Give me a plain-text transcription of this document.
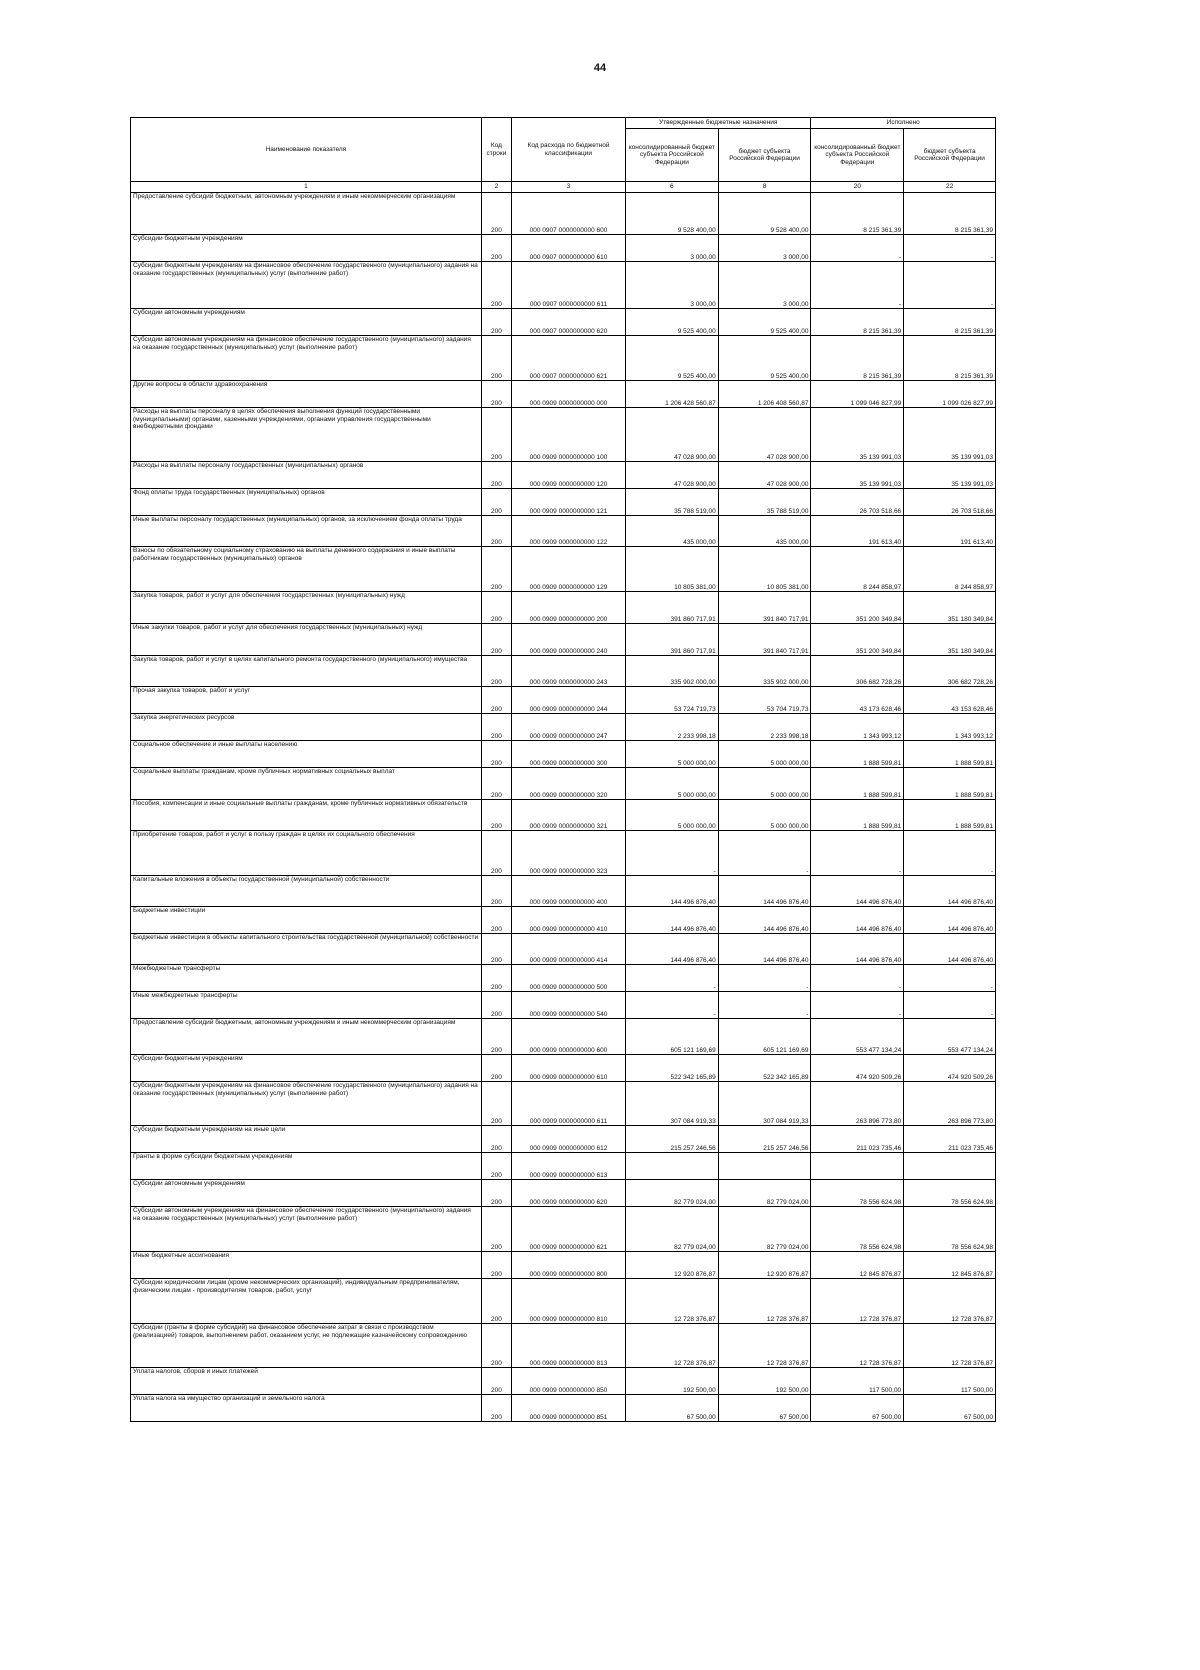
44
Наименование показателя	Код строки	Код расхода по бюджетной классификации	Утвержденные бюджетные назначения		Исполнено	
			консолидированный бюджет субъекта Российской Федерации	бюджет субъекта Российской Федерации	консолидированный бюджет субъекта Российской Федерации	бюджет субъекта Российской Федерации
1	2	3	6	8	20	22
Предоставление субсидий бюджетным, автономным учреждениям и иным некоммерческим организациям	200	000 0907 0000000000 600	9 528 400,00	9 528 400,00	8 215 361,39	8 215 361,39
Субсидии бюджетным учреждениям	200	000 0907 0000000000 610	3 000,00	3 000,00	-	-
Субсидии бюджетным учреждениям на финансовое обеспечение государственного (муниципального) задания на оказание государственных (муниципальных) услуг (выполнение работ)	200	000 0907 0000000000 611	3 000,00	3 000,00	-	-
Субсидии автономным учреждениям	200	000 0907 0000000000 620	9 525 400,00	9 525 400,00	8 215 361,39	8 215 361,39
Субсидии автономным учреждениям на финансовое обеспечение государственного (муниципального) задания на оказание государственных (муниципальных) услуг (выполнение работ)	200	000 0907 0000000000 621	9 525 400,00	9 525 400,00	8 215 361,39	8 215 361,39
Другие вопросы в области здравоохранения	200	000 0909 0000000000 000	1 206 428 560,87	1 206 408 560,87	1 099 046 827,99	1 099 026 827,99
Расходы на выплаты персоналу в целях обеспечения выполнения функций государственными (муниципальными) органами, казенными учреждениями, органами управления государственными внебюджетными фондами	200	000 0909 0000000000 100	47 028 900,00	47 028 900,00	35 139 991,03	35 139 991,03
Расходы на выплаты персоналу государственных (муниципальных) органов	200	000 0909 0000000000 120	47 028 900,00	47 028 900,00	35 139 991,03	35 139 991,03
Фонд оплаты труда государственных (муниципальных) органов	200	000 0909 0000000000 121	35 788 519,00	35 788 519,00	26 703 518,66	26 703 518,66
Иные выплаты персоналу государственных (муниципальных) органов, за исключением фонда оплаты труда	200	000 0909 0000000000 122	435 000,00	435 000,00	191 613,40	191 613,40
Взносы по обязательному социальному страхованию на выплаты денежного содержания и иные выплаты работникам государственных (муниципальных) органов	200	000 0909 0000000000 129	10 805 381,00	10 805 381,00	8 244 858,97	8 244 858,97
Закупка товаров, работ и услуг для обеспечения государственных (муниципальных) нужд	200	000 0909 0000000000 200	391 860 717,91	391 840 717,91	351 200 349,84	351 180 349,84
Иные закупки товаров, работ и услуг для обеспечения государственных (муниципальных) нужд	200	000 0909 0000000000 240	391 860 717,91	391 840 717,91	351 200 349,84	351 180 349,84
Закупка товаров, работ и услуг в целях капитального ремонта государственного (муниципального) имущества	200	000 0909 0000000000 243	335 902 000,00	335 902 000,00	306 682 728,26	306 682 728,26
Прочая закупка товаров, работ и услуг	200	000 0909 0000000000 244	53 724 719,73	53 704 719,73	43 173 628,46	43 153 628,46
Закупка энергетических ресурсов	200	000 0909 0000000000 247	2 233 998,18	2 233 998,18	1 343 993,12	1 343 993,12
Социальное обеспечение и иные выплаты населению	200	000 0909 0000000000 300	5 000 000,00	5 000 000,00	1 888 599,81	1 888 599,81
Социальные выплаты гражданам, кроме публичных нормативных социальных выплат	200	000 0909 0000000000 320	5 000 000,00	5 000 000,00	1 888 599,81	1 888 599,81
Пособия, компенсации и иные социальные выплаты гражданам, кроме публичных нормативных обязательств	200	000 0909 0000000000 321	5 000 000,00	5 000 000,00	1 888 599,81	1 888 599,81
Приобретение товаров, работ и услуг в пользу граждан в целях их социального обеспечения	200	000 0909 0000000000 323	-	-	-	-
Капитальные вложения в объекты государственной (муниципальной) собственности	200	000 0909 0000000000 400	144 496 876,40	144 496 876,40	144 496 876,40	144 496 876,40
Бюджетные инвестиции	200	000 0909 0000000000 410	144 496 876,40	144 496 876,40	144 496 876,40	144 496 876,40
Бюджетные инвестиции в объекты капитального строительства государственной (муниципальной) собственности	200	000 0909 0000000000 414	144 496 876,40	144 496 876,40	144 496 876,40	144 496 876,40
Межбюджетные трансферты	200	000 0909 0000000000 500	-	-	-	-
Иные межбюджетные трансферты	200	000 0909 0000000000 540	-	-	-	-
Предоставление субсидий бюджетным, автономным учреждениям и иным некоммерческим организациям	200	000 0909 0000000000 600	605 121 169,69	605 121 169,69	553 477 134,24	553 477 134,24
Субсидии бюджетным учреждениям	200	000 0909 0000000000 610	522 342 165,89	522 342 165,89	474 920 509,26	474 920 509,26
Субсидии бюджетным учреждениям на финансовое обеспечение государственного (муниципального) задания на оказание государственных (муниципальных) услуг (выполнение работ)	200	000 0909 0000000000 611	307 084 919,33	307 084 919,33	263 896 773,80	263 896 773,80
Субсидии бюджетным учреждениям на иные цели	200	000 0909 0000000000 612	215 257 246,56	215 257 246,56	211 023 735,46	211 023 735,46
Гранты в форме субсидии бюджетным учреждениям	200	000 0909 0000000000 613				
Субсидии автономным учреждениям	200	000 0909 0000000000 620	82 779 024,00	82 779 024,00	78 556 624,98	78 556 624,98
Субсидии автономным учреждениям на финансовое обеспечение государственного (муниципального) задания на оказание государственных (муниципальных) услуг (выполнение работ)	200	000 0909 0000000000 621	82 779 024,00	82 779 024,00	78 556 624,98	78 556 624,98
Иные бюджетные ассигнования	200	000 0909 0000000000 800	12 920 876,87	12 920 876,87	12 845 876,87	12 845 876,87
Субсидии юридическим лицам (кроме некоммерческих организаций), индивидуальным предпринимателям, физическим лицам - производителям товаров, работ, услуг	200	000 0909 0000000000 810	12 728 376,87	12 728 376,87	12 728 376,87	12 728 376,87
Субсидии (гранты в форме субсидий) на финансовое обеспечение затрат в связи с производством (реализацией) товаров, выполнением работ, оказанием услуг, не подлежащие казначейскому сопровождению	200	000 0909 0000000000 813	12 728 376,87	12 728 376,87	12 728 376,87	12 728 376,87
Уплата налогов, сборов и иных платежей	200	000 0909 0000000000 850	192 500,00	192 500,00	117 500,00	117 500,00
Уплата налога на имущество организаций и земельного налога	200	000 0909 0000000000 851	67 500,00	67 500,00	67 500,00	67 500,00
